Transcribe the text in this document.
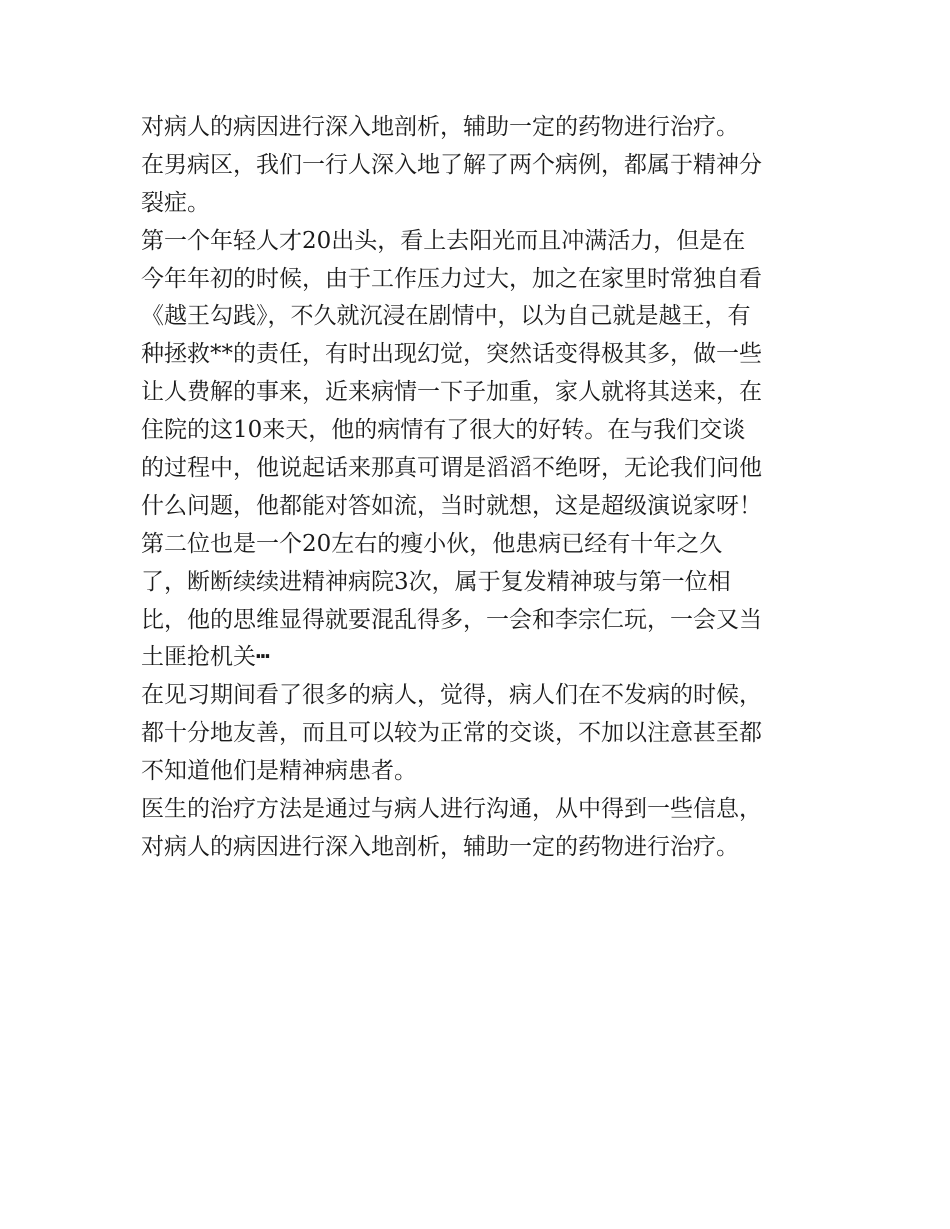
对病人的病因进行深入地剖析，辅助一定的药物进行治疗。
在男病区，我们一行人深入地了解了两个病例，都属于精神分
裂症。
第一个年轻人才20出头，看上去阳光而且冲满活力，但是在
今年年初的时候，由于工作压力过大，加之在家里时常独自看
《越王勾践》，不久就沉浸在剧情中，以为自己就是越王，有
种拯救**的责任，有时出现幻觉，突然话变得极其多，做一些
让人费解的事来，近来病情一下子加重，家人就将其送来，在
住院的这10来天，他的病情有了很大的好转。在与我们交谈
的过程中，他说起话来那真可谓是滔滔不绝呀，无论我们问他
什么问题，他都能对答如流，当时就想，这是超级演说家呀！
第二位也是一个20左右的瘦小伙，他患病已经有十年之久
了，断断续续进精神病院3次，属于复发精神玻与第一位相
比，他的思维显得就要混乱得多，一会和李宗仁玩，一会又当
土匪抢机关┅
在见习期间看了很多的病人，觉得，病人们在不发病的时候，
都十分地友善，而且可以较为正常的交谈，不加以注意甚至都
不知道他们是精神病患者。
医生的治疗方法是通过与病人进行沟通，从中得到一些信息，
对病人的病因进行深入地剖析，辅助一定的药物进行治疗。
